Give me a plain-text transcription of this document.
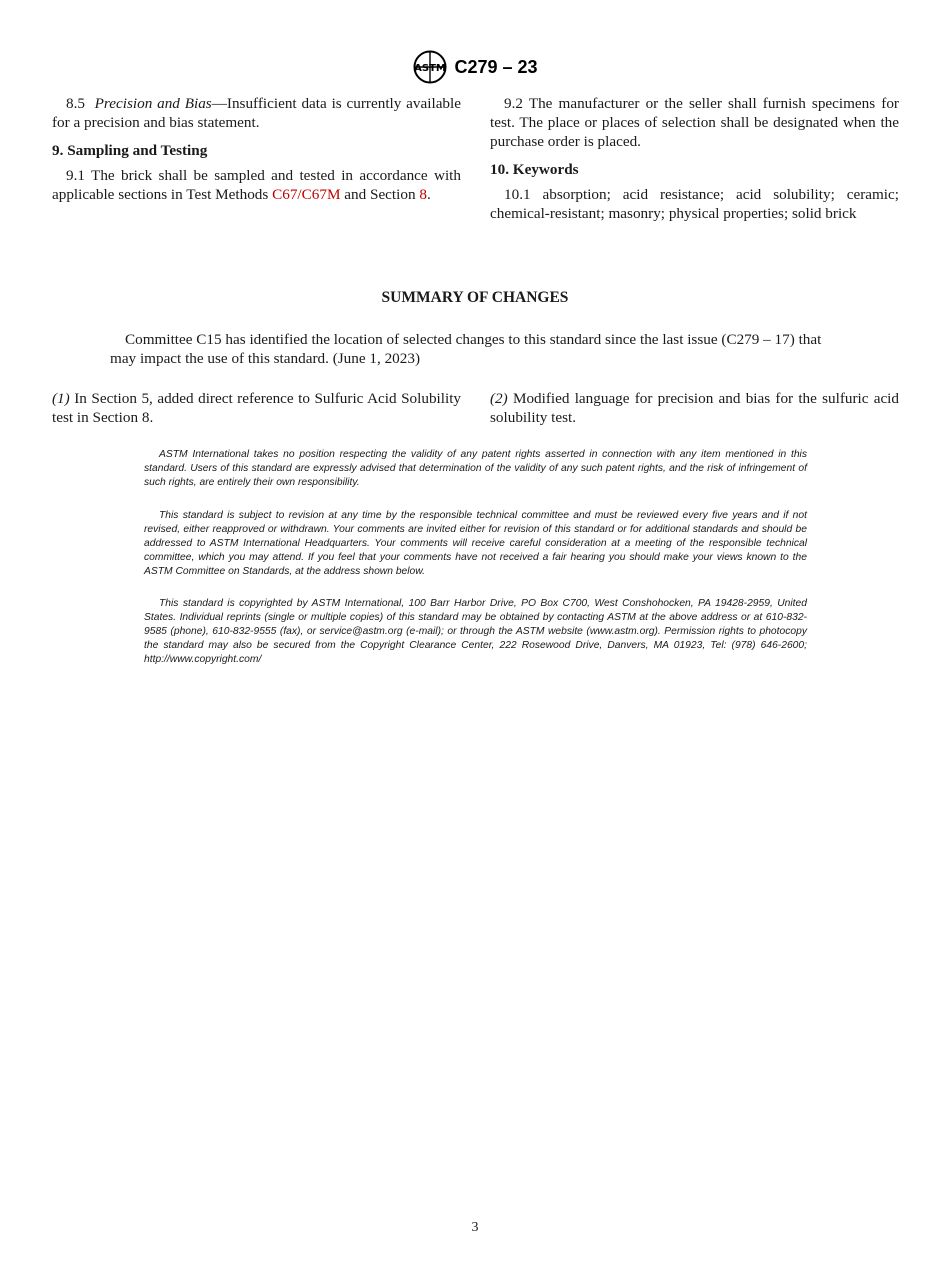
ASTM C279 – 23

8.5 Precision and Bias—Insufficient data is currently available for a precision and bias statement.

9. Sampling and Testing

9.1 The brick shall be sampled and tested in accordance with applicable sections in Test Methods C67/C67M and Section 8.

9.2 The manufacturer or the seller shall furnish specimens for test. The place or places of selection shall be designated when the purchase order is placed.

10. Keywords

10.1 absorption; acid resistance; acid solubility; ceramic; chemical-resistant; masonry; physical properties; solid brick

SUMMARY OF CHANGES
Committee C15 has identified the location of selected changes to this standard since the last issue (C279 – 17) that may impact the use of this standard. (June 1, 2023)

(1) In Section 5, added direct reference to Sulfuric Acid Solubility test in Section 8.

(2) Modified language for precision and bias for the sulfuric acid solubility test.

ASTM International takes no position respecting the validity of any patent rights asserted in connection with any item mentioned in this standard. Users of this standard are expressly advised that determination of the validity of any such patent rights, and the risk of infringement of such rights, are entirely their own responsibility.

This standard is subject to revision at any time by the responsible technical committee and must be reviewed every five years and if not revised, either reapproved or withdrawn. Your comments are invited either for revision of this standard or for additional standards and should be addressed to ASTM International Headquarters. Your comments will receive careful consideration at a meeting of the responsible technical committee, which you may attend. If you feel that your comments have not received a fair hearing you should make your views known to the ASTM Committee on Standards, at the address shown below.

This standard is copyrighted by ASTM International, 100 Barr Harbor Drive, PO Box C700, West Conshohocken, PA 19428-2959, United States. Individual reprints (single or multiple copies) of this standard may be obtained by contacting ASTM at the above address or at 610-832-9585 (phone), 610-832-9555 (fax), or service@astm.org (e-mail); or through the ASTM website (www.astm.org). Permission rights to photocopy the standard may also be secured from the Copyright Clearance Center, 222 Rosewood Drive, Danvers, MA 01923, Tel: (978) 646-2600; http://www.copyright.com/

3
